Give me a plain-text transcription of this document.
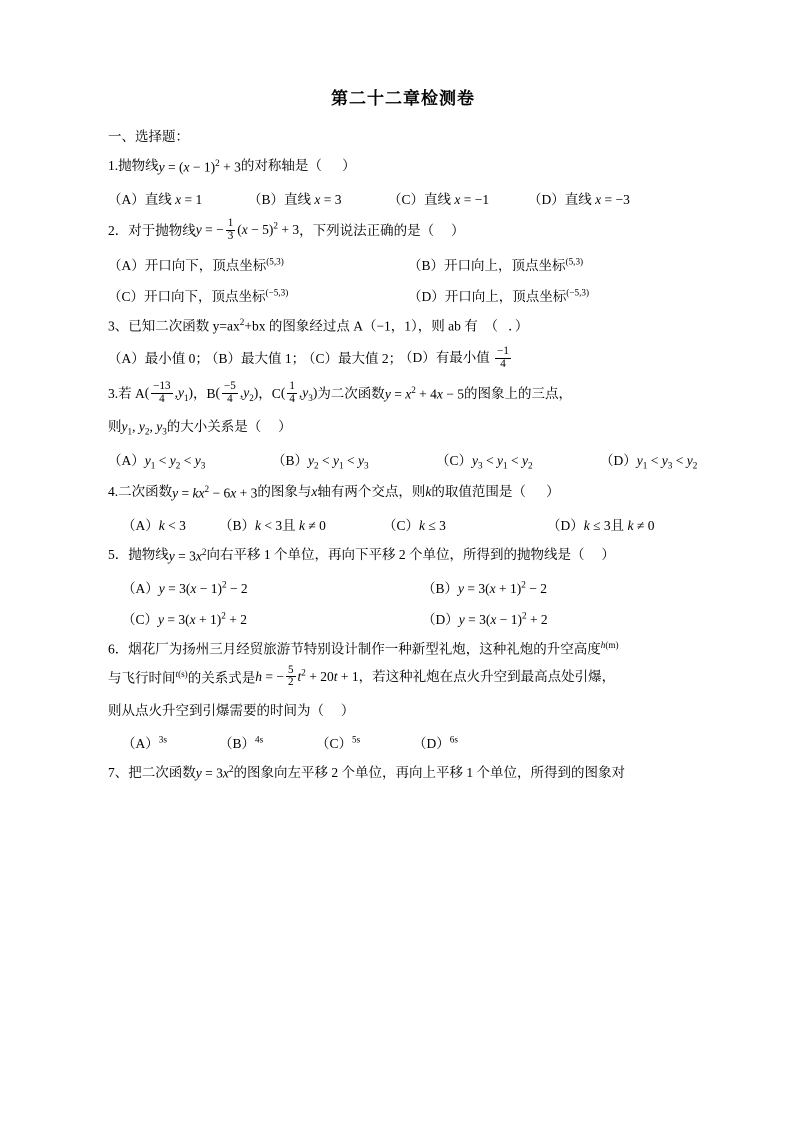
第二十二章检测卷
一、选择题：
1.抛物线$y = (x - 1)^2 + 3$的对称轴是（      ）
（A）直线 x = 1	（B）直线 x = 3	（C）直线 x = −1	（D）直线 x = −3
2．对于抛物线 y = − $\frac{1}{3} (x - 5)^2 + 3$ ，下列说法正确的是（     ）
（A）开口向下，顶点坐标$^{(5,3)}$	（B）开口向上，顶点坐标$^{(5,3)}$
（C）开口向下，顶点坐标$^{(-5,3)}$	（D）开口向上，顶点坐标$^{(-5,3)}$
3、已知二次函数 $y=ax^2+bx$ 的图象经过点 A（−1，1），则 ab 有  （   ．）
（A）最小值 0；
（B）最大值 1；
（C）最大值 2；
（D）有最小值 $\frac{-1}{4}$
3.若 A ( $\frac{-13}{4} ,y_1$) ，B ( $\frac{-5}{4} ,y_2$) ，C ( $\frac{1}{4} ,y_3$) 为二次函数 $y = x^2 + 4x - 5$ 的图象上的三点，
则 $y_1$, $y_2$, $y_3$ 的大小关系是（     ）
$(A)y_1 < y_2 < y_3$	$(B)y_2 < y_1 < y_3$	$(C)y_3 < y_1 < y_2$	$(D)y_1 < y_3 < y_2$
4.二次函数$y = kx^2 - 6x + 3$的图象与x轴有两个交点，则k的取值范围是（      ）
（A）k < 3	（B）k < 3且 k ≠ 0	（C）k ≤ 3	（D）k ≤ 3且 k ≠ 0
5．抛物线$y = 3x^2$向右平移 1 个单位，再向下平移 2 个单位，所得到的抛物线是（     ）
$(A)y = 3(x - 1)^2 - 2$	$(B)y = 3(x + 1)^2 - 2$
$(C)y = 3(x + 1)^2 + 2$	$(D)y = 3(x - 1)^2 + 2$
6．烟花厂为扬州三月经贸旅游节特别设计制作一种新型礼炮，这种礼炮的升空高度$^{h(m)}$
与飞行时间$^{t(s)}$的关系式是 h = − $\frac{5}{2} t^2 + 20t + 1$ ，若这种礼炮在点火升空到最高点处引爆，
则从点火升空到引爆需要的时间为（     ）
$(A)^{3s}$	$(B)^{4s}$	$(C)^{5s}$	$(D)^{6s}$
7、把二次函数$y = 3x^2$的图象向左平移 2 个单位，再向上平移 1 个单位，所得到的图象对
